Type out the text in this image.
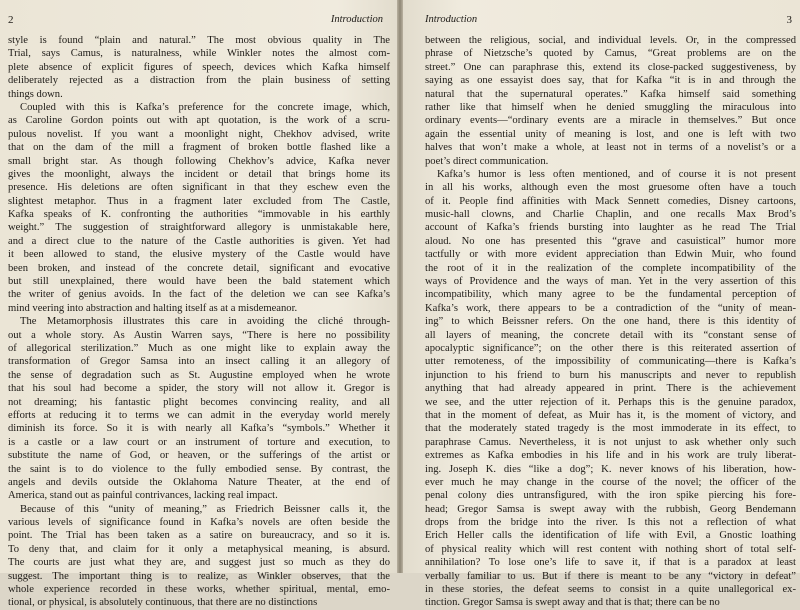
2	Introduction
style is found “plain and natural.” The most obvious quality in The
Trial, says Camus, is naturalness, while Winkler notes the almost com-
plete absence of explicit figures of speech, devices which Kafka himself
deliberately rejected as a distraction from the plain business of setting
things down.
Coupled with this is Kafka’s preference for the concrete image, which,
as Caroline Gordon points out with apt quotation, is the work of a scru-
pulous novelist. If you want a moonlight night, Chekhov advised, write
that on the dam of the mill a fragment of broken bottle flashed like a
small bright star. As though following Chekhov’s advice, Kafka never
gives the moonlight, always the incident or detail that brings home its
presence. His deletions are often significant in that they eschew even the
slightest metaphor. Thus in a fragment later excluded from The Castle,
Kafka speaks of K. confronting the authorities “immovable in his earthly
weight.” The suggestion of straightforward allegory is unmistakable here,
and a direct clue to the nature of the Castle authorities is given. Yet had
it been allowed to stand, the elusive mystery of the Castle would have
been broken, and instead of the concrete detail, significant and evocative
but still unexplained, there would have been the bald statement which
the writer of genius avoids. In the fact of the deletion we can see Kafka’s
mind veering into abstraction and halting itself as at a misdemeanor.
The Metamorphosis illustrates this care in avoiding the cliché through-
out a whole story. As Austin Warren says, “There is here no possibility
of allegorical sterilization.” Much as one might like to explain away the
transformation of Gregor Samsa into an insect calling it an allegory of
the sense of degradation such as St. Augustine employed when he wrote
that his soul had become a spider, the story will not allow it. Gregor is
not dreaming; his fantastic plight becomes convincing reality, and all
efforts at reducing it to terms we can admit in the everyday world merely
diminish its force. So it is with nearly all Kafka’s “symbols.” Whether it
is a castle or a law court or an instrument of torture and execution, to
substitute the name of God, or heaven, or the sufferings of the artist or
the saint is to do violence to the fully embodied sense. By contrast, the
angels and devils outside the Oklahoma Nature Theater, at the end of
America, stand out as painful contrivances, lacking real impact.
Because of this “unity of meaning,” as Friedrich Beissner calls it, the
various levels of significance found in Kafka’s novels are often beside the
point. The Trial has been taken as a satire on bureaucracy, and so it is.
To deny that, and claim for it only a metaphysical meaning, is absurd.
The courts are just what they are, and suggest just so much as they do
suggest. The important thing is to realize, as Winkler observes, that the
whole experience recorded in these works, whether spiritual, mental, emo-
tional, or physical, is absolutely continuous, that there are no distinctions
Introduction	3
between the religious, social, and individual levels. Or, in the compressed
phrase of Nietzsche’s quoted by Camus, “Great problems are on the
street.” One can paraphrase this, extend its close-packed suggestiveness, by
saying as one essayist does say, that for Kafka “it is in and through the
natural that the supernatural operates.” Kafka himself said something
rather like that himself when he denied smuggling the miraculous into
ordinary events—“ordinary events are a miracle in themselves.” But once
again the essential unity of meaning is lost, and one is left with two
halves that won’t make a whole, at least not in terms of a novelist’s or a
poet’s direct communication.
Kafka’s humor is less often mentioned, and of course it is not present
in all his works, although even the most gruesome often have a touch
of it. People find affinities with Mack Sennett comedies, Disney cartoons,
music-hall clowns, and Charlie Chaplin, and one recalls Max Brod’s
account of Kafka’s friends bursting into laughter as he read The Trial
aloud. No one has presented this “grave and casuistical” humor more
tactfully or with more evident appreciation than Edwin Muir, who found
the root of it in the realization of the complete incompatibility of the
ways of Providence and the ways of man. Yet in the very assertion of this
incompatibility, which many agree to be the fundamental perception of
Kafka’s work, there appears to be a contradiction of the “unity of mean-
ing” to which Beissner refers. On the one hand, there is this identity of
all layers of meaning, the concrete detail with its “constant sense of
apocalyptic significance”; on the other there is this reiterated assertion of
utter remoteness, of the impossibility of communicating—there is Kafka’s
injunction to his friend to burn his manuscripts and never to republish
anything that had already appeared in print. There is the achievement
we see, and the utter rejection of it. Perhaps this is the genuine paradox,
that in the moment of defeat, as Muir has it, is the moment of victory, and
that the moderately stated tragedy is the most immoderate in its effect, to
paraphrase Camus. Nevertheless, it is not unjust to ask whether only such
extremes as Kafka embodies in his life and in his work are truly liberat-
ing. Joseph K. dies “like a dog”; K. never knows of his liberation, how-
ever much he may change in the course of the novel; the officer of the
penal colony dies untransfigured, with the iron spike piercing his fore-
head; Gregor Samsa is swept away with the rubbish, Georg Bendemann
drops from the bridge into the river. Is this not a reflection of what
Erich Heller calls the identification of life with Evil, a Gnostic loathing
of physical reality which will rest content with nothing short of total self-
annihilation? To lose one’s life to save it, if that is a paradox at least
verbally familiar to us. But if there is meant to be any “victory in defeat”
in these stories, the defeat seems to consist in a quite unallegorical ex-
tinction. Gregor Samsa is swept away and that is that; there can be no
